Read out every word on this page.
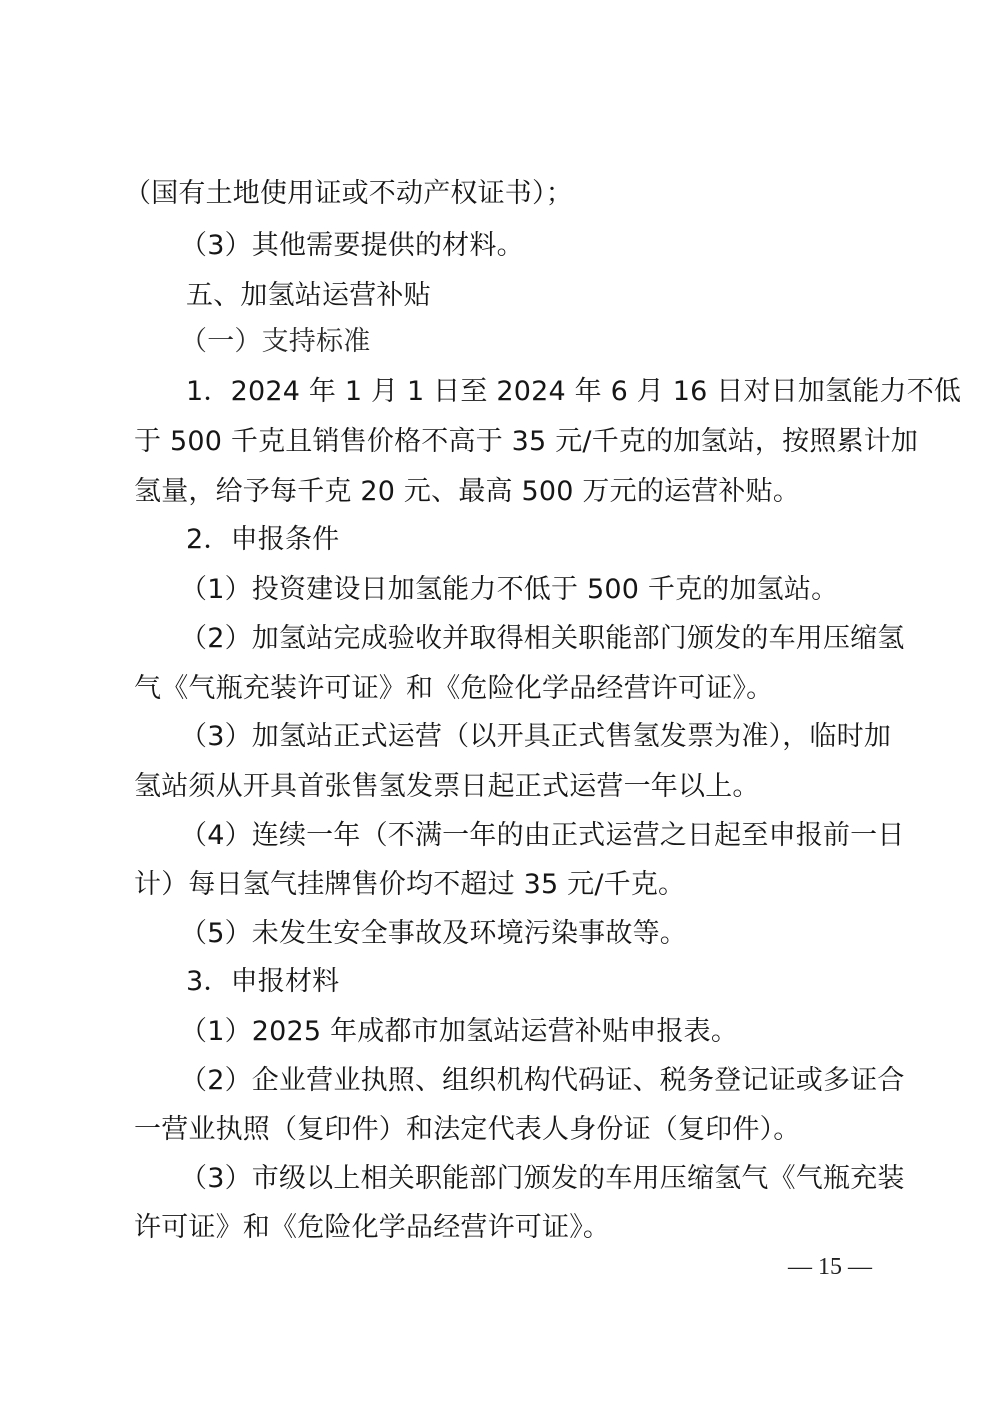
（国有土地使用证或不动产权证书）；
（3）其他需要提供的材料。
五、加氢站运营补贴
（一）支持标准
1．2024 年 1 月 1 日至 2024 年 6 月 16 日对日加氢能力不低
于 500 千克且销售价格不高于 35 元/千克的加氢站，按照累计加
氢量，给予每千克 20 元、最高 500 万元的运营补贴。
2．申报条件
（1）投资建设日加氢能力不低于 500 千克的加氢站。
（2）加氢站完成验收并取得相关职能部门颁发的车用压缩氢
气《气瓶充装许可证》和《危险化学品经营许可证》。
（3）加氢站正式运营（以开具正式售氢发票为准），临时加
氢站须从开具首张售氢发票日起正式运营一年以上。
（4）连续一年（不满一年的由正式运营之日起至申报前一日
计）每日氢气挂牌售价均不超过 35 元/千克。
（5）未发生安全事故及环境污染事故等。
3．申报材料
（1）2025 年成都市加氢站运营补贴申报表。
（2）企业营业执照、组织机构代码证、税务登记证或多证合
一营业执照（复印件）和法定代表人身份证（复印件）。
（3）市级以上相关职能部门颁发的车用压缩氢气《气瓶充装
许可证》和《危险化学品经营许可证》。
— 15 —
